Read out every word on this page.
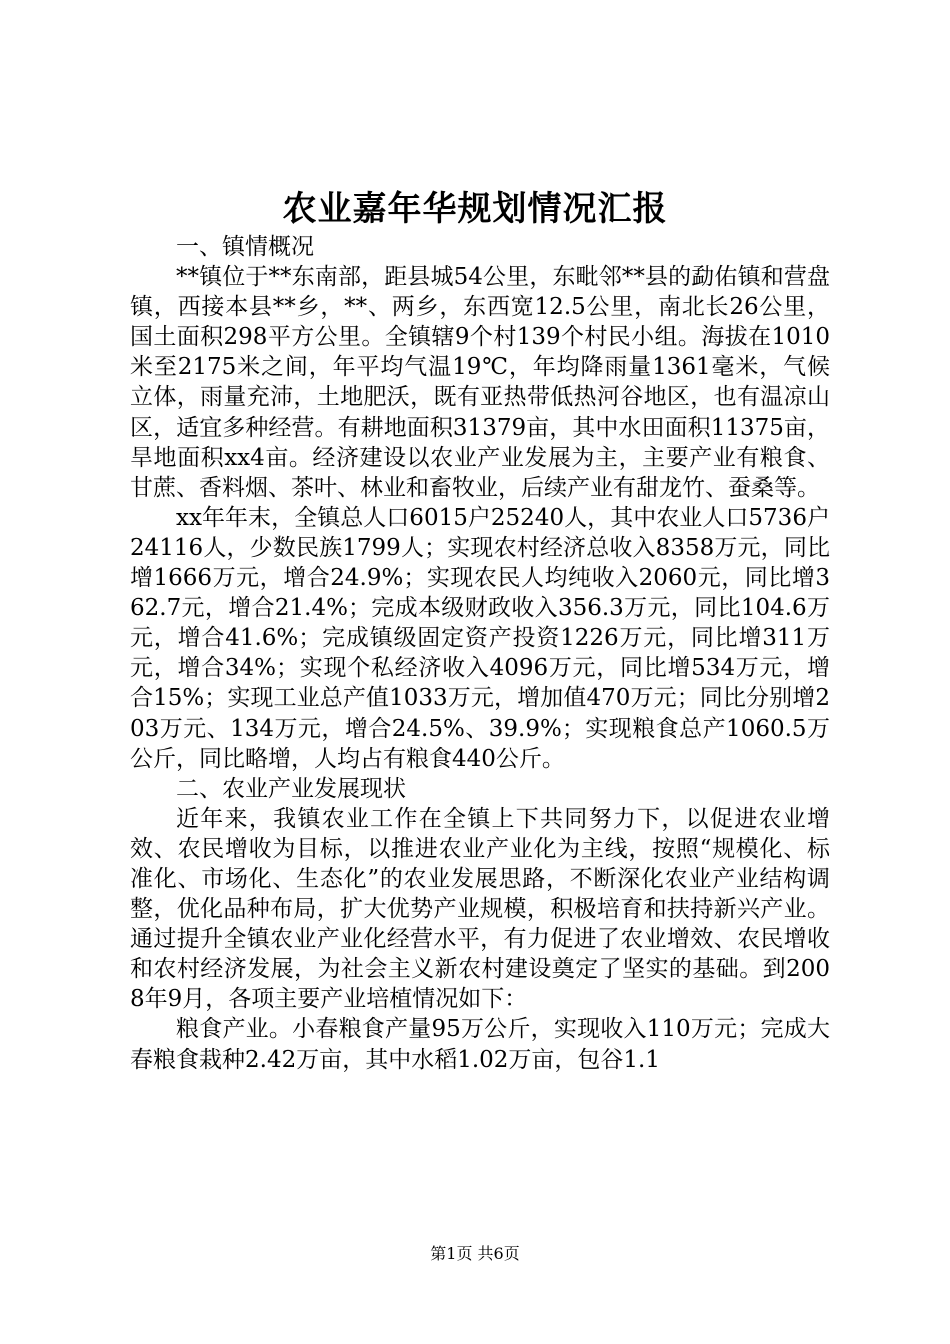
农业嘉年华规划情况汇报

一、镇情概况

**镇位于**东南部，距县城54公里，东毗邻**县的勐佑镇和营盘镇，西接本县**乡，**、两乡，东西宽12.5公里，南北长26公里，国土面积298平方公里。全镇辖9个村139个村民小组。海拔在1010米至2175米之间，年平均气温19℃，年均降雨量1361毫米，气候立体，雨量充沛，土地肥沃，既有亚热带低热河谷地区，也有温凉山区，适宜多种经营。有耕地面积31379亩，其中水田面积11375亩，旱地面积xx4亩。经济建设以农业产业发展为主，主要产业有粮食、甘蔗、香料烟、茶叶、林业和畜牧业，后续产业有甜龙竹、蚕桑等。

xx年年末，全镇总人口6015户25240人，其中农业人口5736户24116人，少数民族1799人；实现农村经济总收入8358万元，同比增1666万元，增合24.9%；实现农民人均纯收入2060元，同比增362.7元，增合21.4%；完成本级财政收入356.3万元，同比104.6万元，增合41.6%；完成镇级固定资产投资1226万元，同比增311万元，增合34%；实现个私经济收入4096万元，同比增534万元，增合15%；实现工业总产值1033万元，增加值470万元；同比分别增203万元、134万元，增合24.5%、39.9%；实现粮食总产1060.5万公斤，同比略增，人均占有粮食440公斤。

二、农业产业发展现状

近年来，我镇农业工作在全镇上下共同努力下，以促进农业增效、农民增收为目标，以推进农业产业化为主线，按照“规模化、标准化、市场化、生态化”的农业发展思路，不断深化农业产业结构调整，优化品种布局，扩大优势产业规模，积极培育和扶持新兴产业。通过提升全镇农业产业化经营水平，有力促进了农业增效、农民增收和农村经济发展，为社会主义新农村建设奠定了坚实的基础。到2008年9月，各项主要产业培植情况如下：

粮食产业。小春粮食产量95万公斤，实现收入110万元；完成大春粮食栽种2.42万亩，其中水稻1.02万亩，包谷1.1

第1页 共6页
